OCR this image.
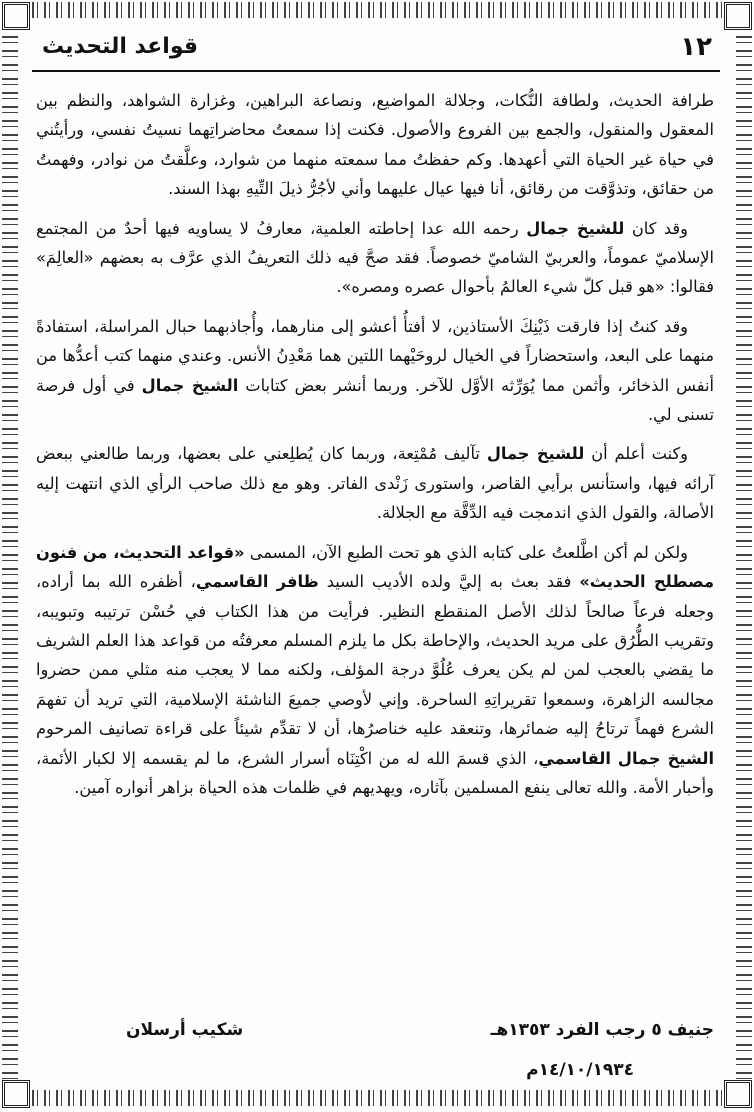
١٢
قواعد التحديث

طرافة الحديث، ولطافة النُّكات، وجلالة المواضيع، ونصاعة البراهين، وغزارة الشواهد، والنظم بين المعقول والمنقول، والجمع بين الفروع والأصول. فكنت إذا سمعتُ محاضراتِهما نسيتُ نفسي، ورأيتُني في حياة غير الحياة التي أعهدها. وكم حفظتُ مما سمعته منهما من شوارد، وعلَّقتُ من نوادر، وفهمتُ من حقائق، وتذوَّقت من رقائق، أنا فيها عيال عليهما وأني لأجُرُّ ذيلَ التِّيهِ بهذا السند.

وقد كان للشيخ جمال رحمه الله عدا إحاطته العلمية، معارفُ لا يساويه فيها أحدٌ من المجتمع الإسلاميّ عموماً، والعربيّ الشاميّ خصوصاً. فقد صحَّ فيه ذلك التعريفُ الذي عرَّف به بعضهم «العالِمَ» فقالوا: «هو قبل كلّ شيء العالمُ بأحوال عصره ومصره».

وقد كنتُ إذا فارقت ذَيْنِكَ الأستاذين، لا أفتأُ أعشو إلى منارهما، وأُجاذبهما حبال المراسلة، استفادةً منهما على البعد، واستحضاراً في الخيال لروحَيْهما اللتين هما مَعْدِنُ الأنس. وعندي منهما كتب أعدُّها من أنفس الذخائر، وأثمن مما يُوَرِّثه الأوَّل للآخر. وربما أنشر بعض كتابات الشيخ جمال في أول فرصة تسنى لي.

وكنت أعلم أن للشيخ جمال تآليف مُمْتِعة، وربما كان يُطلِعني على بعضها، وربما طالعني ببعض آرائه فيها، واستأنس برأيي القاصر، واستورى زَنْدى الفاتر. وهو مع ذلك صاحب الرأي الذي انتهت إليه الأصالة، والقول الذي اندمجت فيه الدِّقَّة مع الجلالة.

ولكن لم أكن اطَّلعتُ على كتابه الذي هو تحت الطبع الآن، المسمى «قواعد التحديث، من فنون مصطلح الحديث» فقد بعث به إليَّ ولده الأديب السيد ظافر القاسمي، أظفره الله بما أراده، وجعله فرعاً صالحاً لذلك الأصل المنقطع النظير. فرأيت من هذا الكتاب في حُسْن ترتيبه وتبويبه، وتقريب الطُّرُق على مريد الحديث، والإحاطة بكل ما يلزم المسلم معرفتُه من قواعد هذا العلم الشريف ما يقضي بالعجب لمن لم يكن يعرف عُلُوَّ درجة المؤلف، ولكنه مما لا يعجب منه مثلي ممن حضروا مجالسه الزاهرة، وسمعوا تقريراتِهِ الساحرة. وإني لأوصي جميعَ الناشئة الإسلامية، التي تريد أن تفهمَ الشرع فهماً ترتاحُ إليه ضمائرها، وتنعقد عليه خناصرُها، أن لا تقدِّم شيئاً على قراءة تصانيف المرحوم الشيخ جمال القاسمي، الذي قسمَ الله له من اكْتِنَاه أسرار الشرع، ما لم يقسمه إلا لكبار الأئمة، وأحبار الأمة. والله تعالى ينفع المسلمين بآثاره، ويهديهم في ظلمات هذه الحياة بزاهر أنواره آمين.

جنيف ٥ رجب الفرد ١٣٥٣هـ
شكيب أرسلان
١٤/١٠/١٩٣٤م
